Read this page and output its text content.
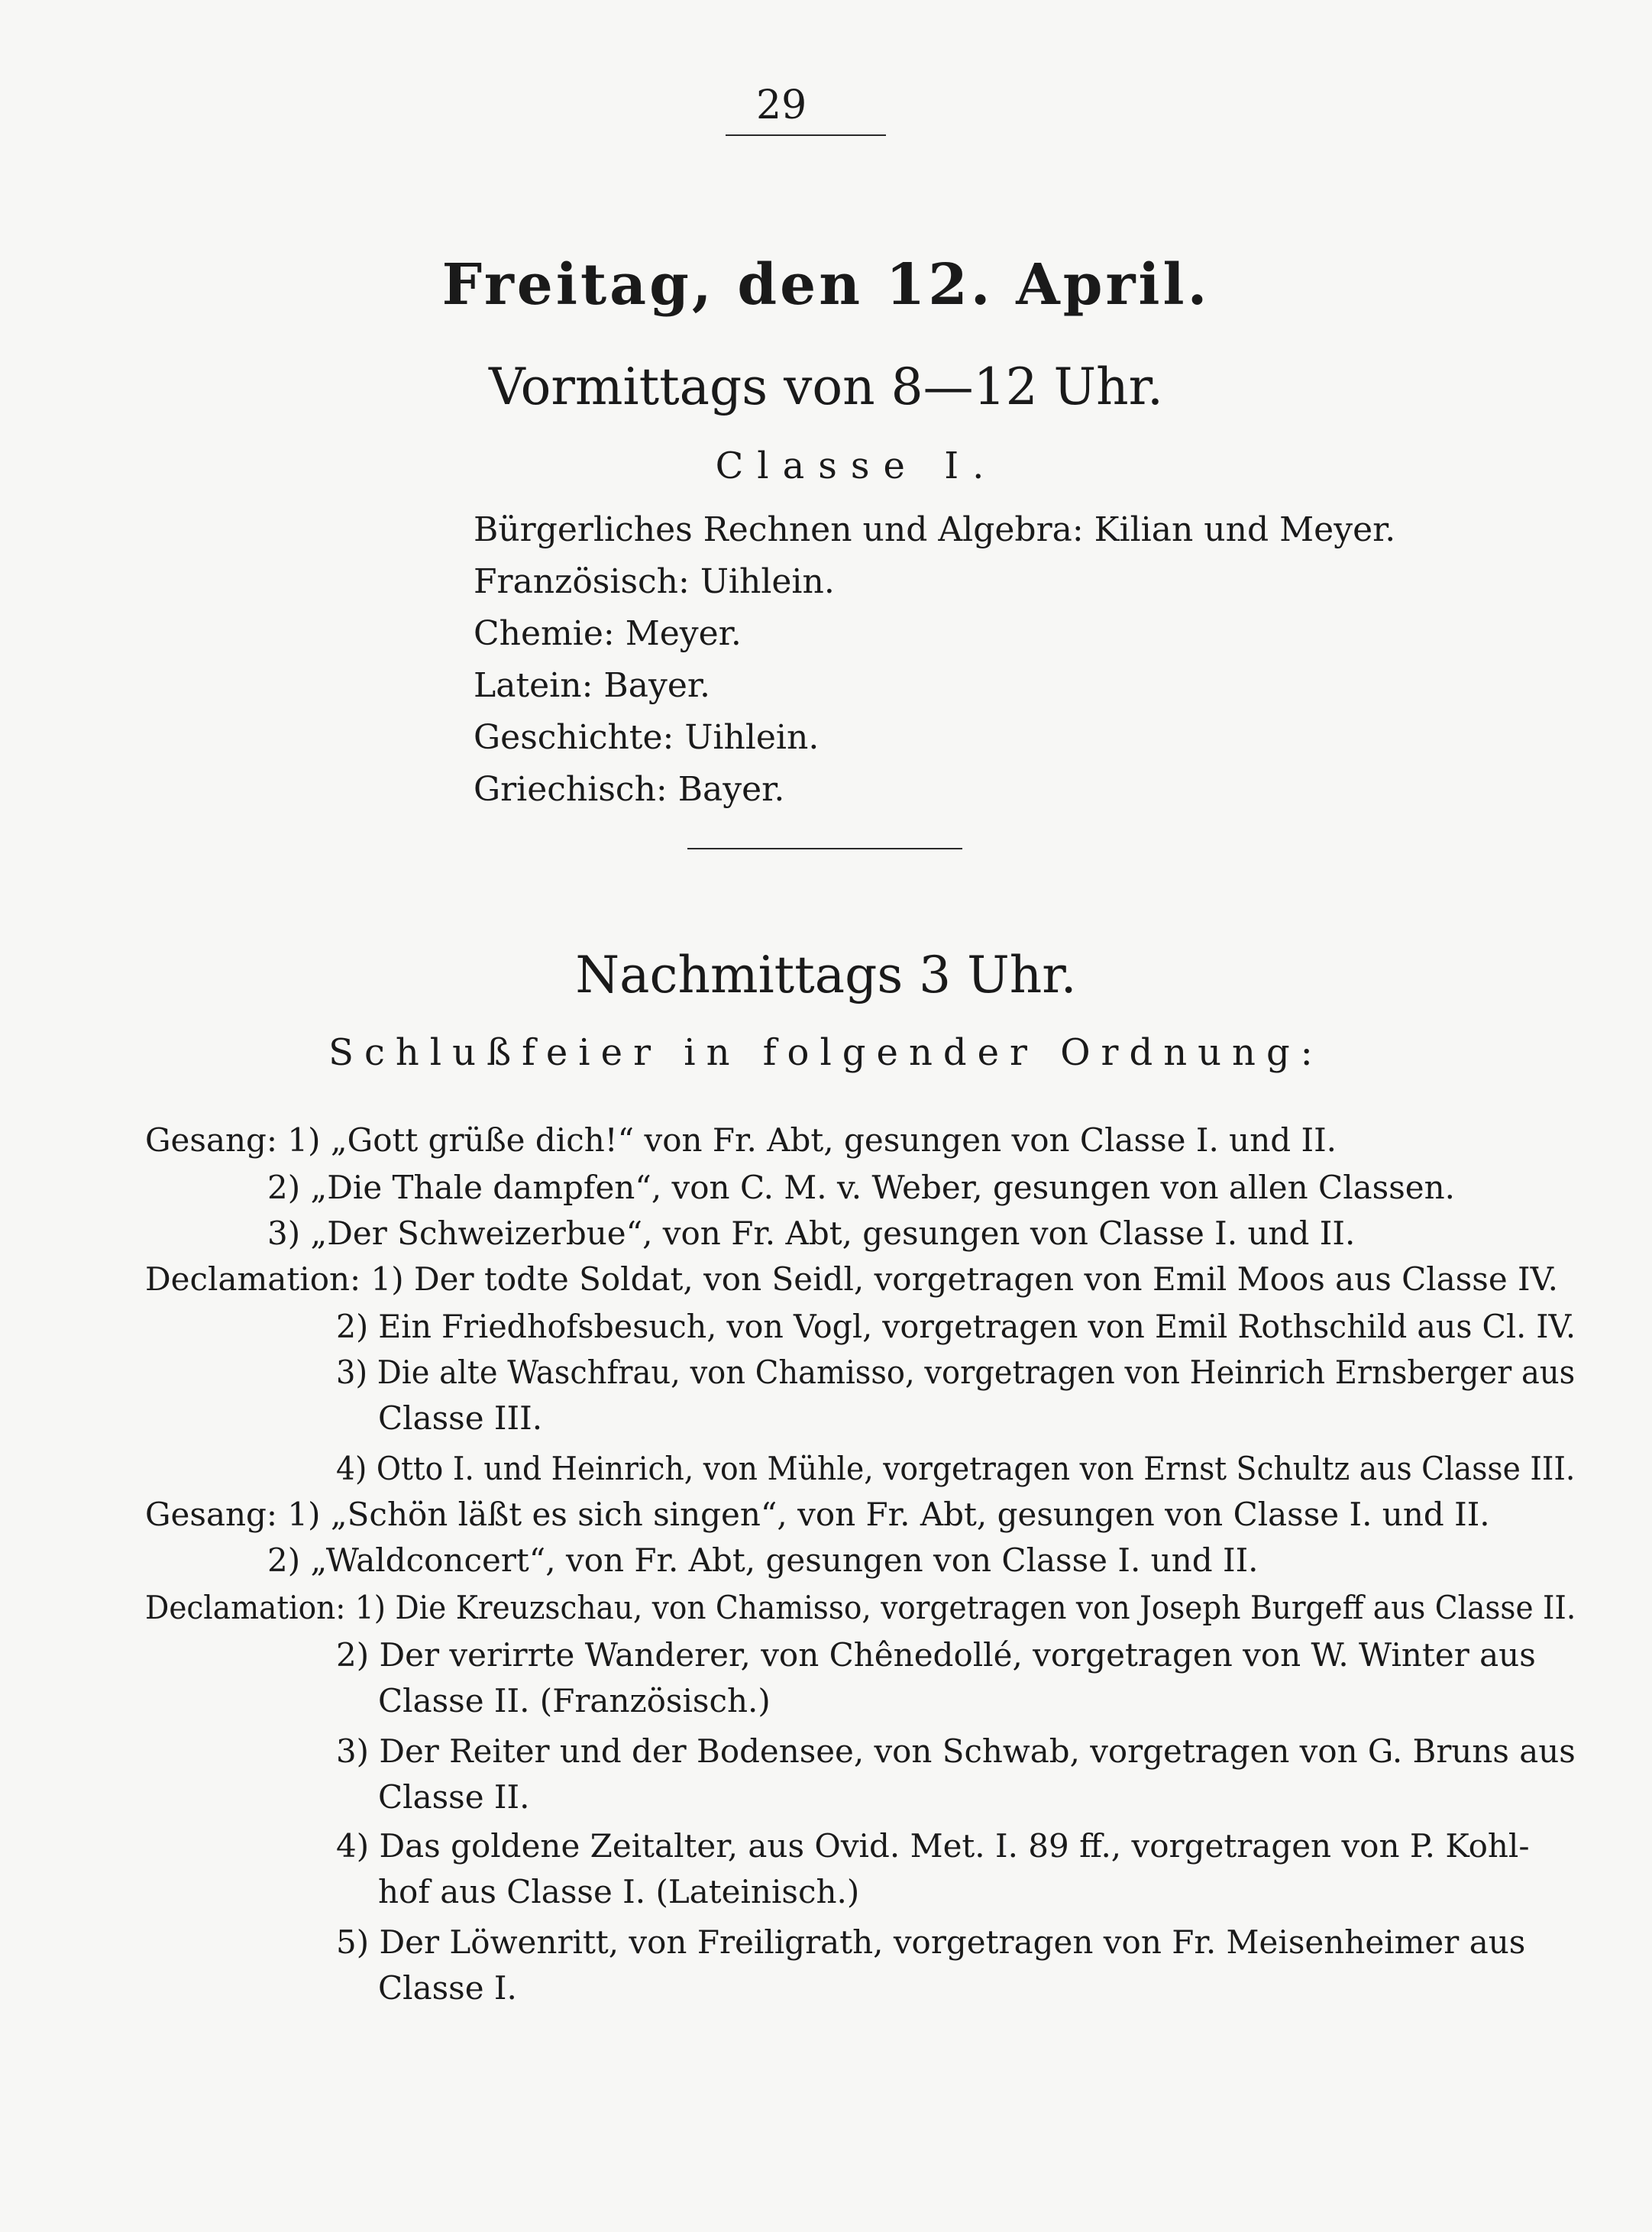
29
Freitag, den 12. April.
Vormittags von 8—12 Uhr.
Classe I.
Bürgerliches Rechnen und Algebra: Kilian und Meyer.
Französisch: Uihlein.
Chemie: Meyer.
Latein: Bayer.
Geschichte: Uihlein.
Griechisch: Bayer.
Nachmittags 3 Uhr.
Schlußfeier in folgender Ordnung:
Gesang: 1) „Gott grüße dich!“ von Fr. Abt, gesungen von Classe I. und II.
2) „Die Thale dampfen“, von C. M. v. Weber, gesungen von allen Classen.
3) „Der Schweizerbue“, von Fr. Abt, gesungen von Classe I. und II.
Declamation: 1) Der todte Soldat, von Seidl, vorgetragen von Emil Moos aus Classe IV.
2) Ein Friedhofsbesuch, von Vogl, vorgetragen von Emil Rothschild aus Cl. IV.
3) Die alte Waschfrau, von Chamisso, vorgetragen von Heinrich Ernsberger aus
Classe III.
4) Otto I. und Heinrich, von Mühle, vorgetragen von Ernst Schultz aus Classe III.
Gesang: 1) „Schön läßt es sich singen“, von Fr. Abt, gesungen von Classe I. und II.
2) „Waldconcert“, von Fr. Abt, gesungen von Classe I. und II.
Declamation: 1) Die Kreuzschau, von Chamisso, vorgetragen von Joseph Burgeff aus Classe II.
2) Der verirrte Wanderer, von Chênedollé, vorgetragen von W. Winter aus
Classe II. (Französisch.)
3) Der Reiter und der Bodensee, von Schwab, vorgetragen von G. Bruns aus
Classe II.
4) Das goldene Zeitalter, aus Ovid. Met. I. 89 ff., vorgetragen von P. Kohl-
hof aus Classe I. (Lateinisch.)
5) Der Löwenritt, von Freiligrath, vorgetragen von Fr. Meisenheimer aus
Classe I.
